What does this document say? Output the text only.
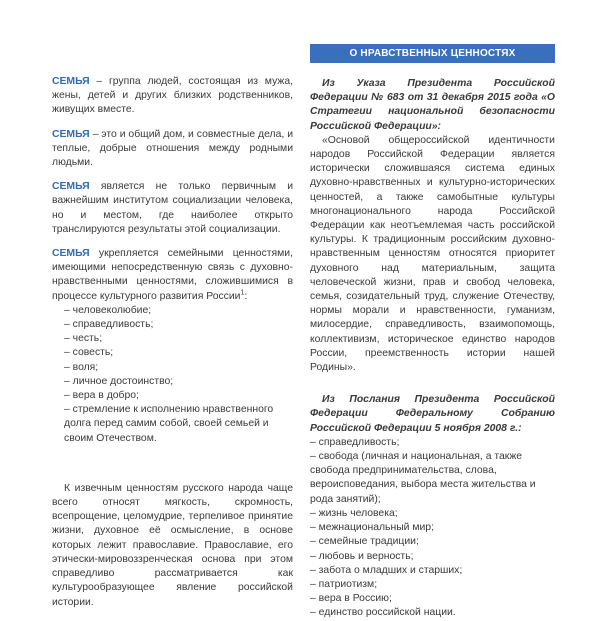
СЕМЬЯ – группа людей, состоящая из мужа, жены, детей и других близких родственников, живущих вместе.

СЕМЬЯ – это и общий дом, и совместные дела, и теплые, добрые отношения между родными людьми.

СЕМЬЯ является не только первичным и важнейшим институтом социализации человека, но и местом, где наиболее открыто транслируются результаты этой социализации.

СЕМЬЯ укрепляется семейными ценностями, имеющими непосредственную связь с духовно-нравственными ценностями, сложившимися в процессе культурного развития России$^1$:

– человеколюбие;
– справедливость;
– честь;
– совесть;
– воля;
– личное достоинство;
– вера в добро;
– стремление к исполнению нравственного долга перед самим собой, своей семьей и своим Отечеством.

К извечным ценностям русского народа чаще всего относят мягкость, скромность, всепрощение, целомудрие, терпеливое принятие жизни, духовное её осмысление, в основе которых лежит православие. Православие, его этически-мировоззренческая основа при этом справедливо рассматривается как культурообразующее явление российской истории.

О НРАВСТВЕННЫХ ЦЕННОСТЯХ ОФИЦИАЛЬНО:

Из Указа Президента Российской Федерации № 683 от 31 декабря 2015 года «О Стратегии национальной безопасности Российской Федерации»:

«Основой общероссийской идентичности народов Российской Федерации является исторически сложившаяся система единых духовно-нравственных и культурно-исторических ценностей, а также самобытные культуры многонационального народа Российской Федерации как неотъемлемая часть российской культуры. К традиционным российским духовно-нравственным ценностям относятся приоритет духовного над материальным, защита человеческой жизни, прав и свобод человека, семья, созидательный труд, служение Отечеству, нормы морали и нравственности, гуманизм, милосердие, справедливость, взаимопомощь, коллективизм, историческое единство народов России, преемственность истории нашей Родины».

Из Послания Президента Российской Федерации Федеральному Собранию Российской Федерации 5 ноября 2008 г.:

– справедливость;
– свобода (личная и национальная, а также свобода предпринимательства, слова, вероисповедания, выбора места жительства и рода занятий);
– жизнь человека;
– межнациональный мир;
– семейные традиции;
– любовь и верность;
– забота о младших и старших;
– патриотизм;
– вера в Россию;
– единство российской нации.
